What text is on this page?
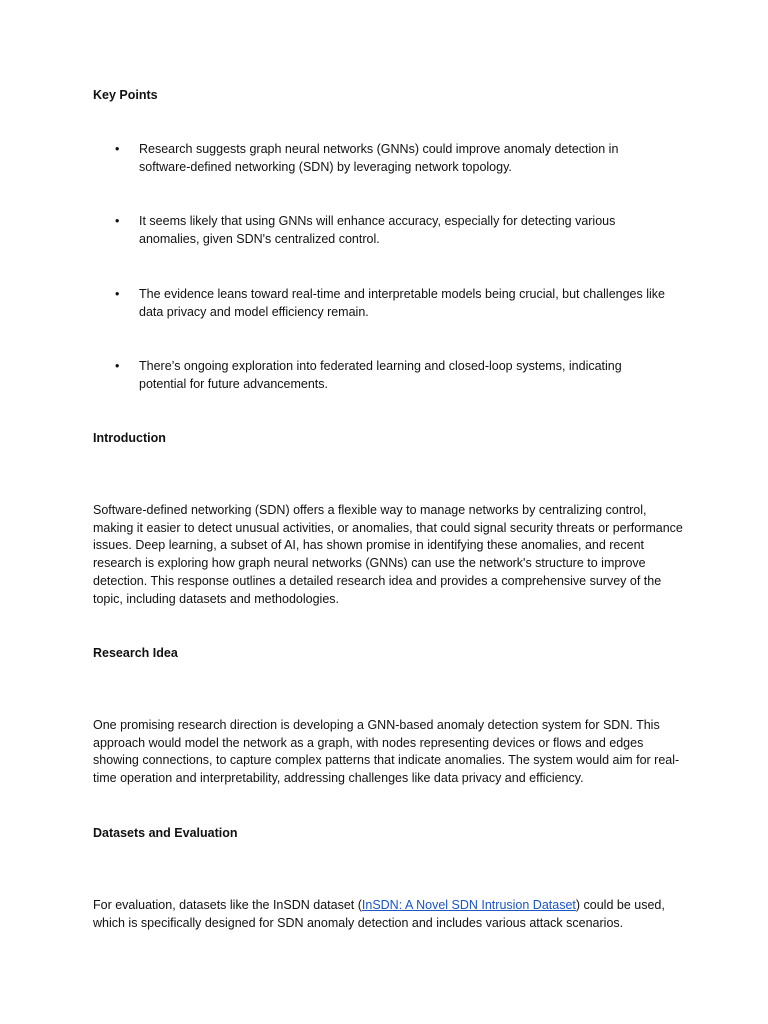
Key Points
• Research suggests graph neural networks (GNNs) could improve anomaly detection in software-defined networking (SDN) by leveraging network topology.

• It seems likely that using GNNs will enhance accuracy, especially for detecting various anomalies, given SDN's centralized control.

• The evidence leans toward real-time and interpretable models being crucial, but challenges like data privacy and model efficiency remain.

• There’s ongoing exploration into federated learning and closed-loop systems, indicating potential for future advancements.

Introduction

Software-defined networking (SDN) offers a flexible way to manage networks by centralizing control, making it easier to detect unusual activities, or anomalies, that could signal security threats or performance issues. Deep learning, a subset of AI, has shown promise in identifying these anomalies, and recent research is exploring how graph neural networks (GNNs) can use the network's structure to improve detection. This response outlines a detailed research idea and provides a comprehensive survey of the topic, including datasets and methodologies.

Research Idea

One promising research direction is developing a GNN-based anomaly detection system for SDN. This approach would model the network as a graph, with nodes representing devices or flows and edges showing connections, to capture complex patterns that indicate anomalies. The system would aim for real-time operation and interpretability, addressing challenges like data privacy and efficiency.

Datasets and Evaluation

For evaluation, datasets like the InSDN dataset (InSDN: A Novel SDN Intrusion Dataset) could be used, which is specifically designed for SDN anomaly detection and includes various attack scenarios.
